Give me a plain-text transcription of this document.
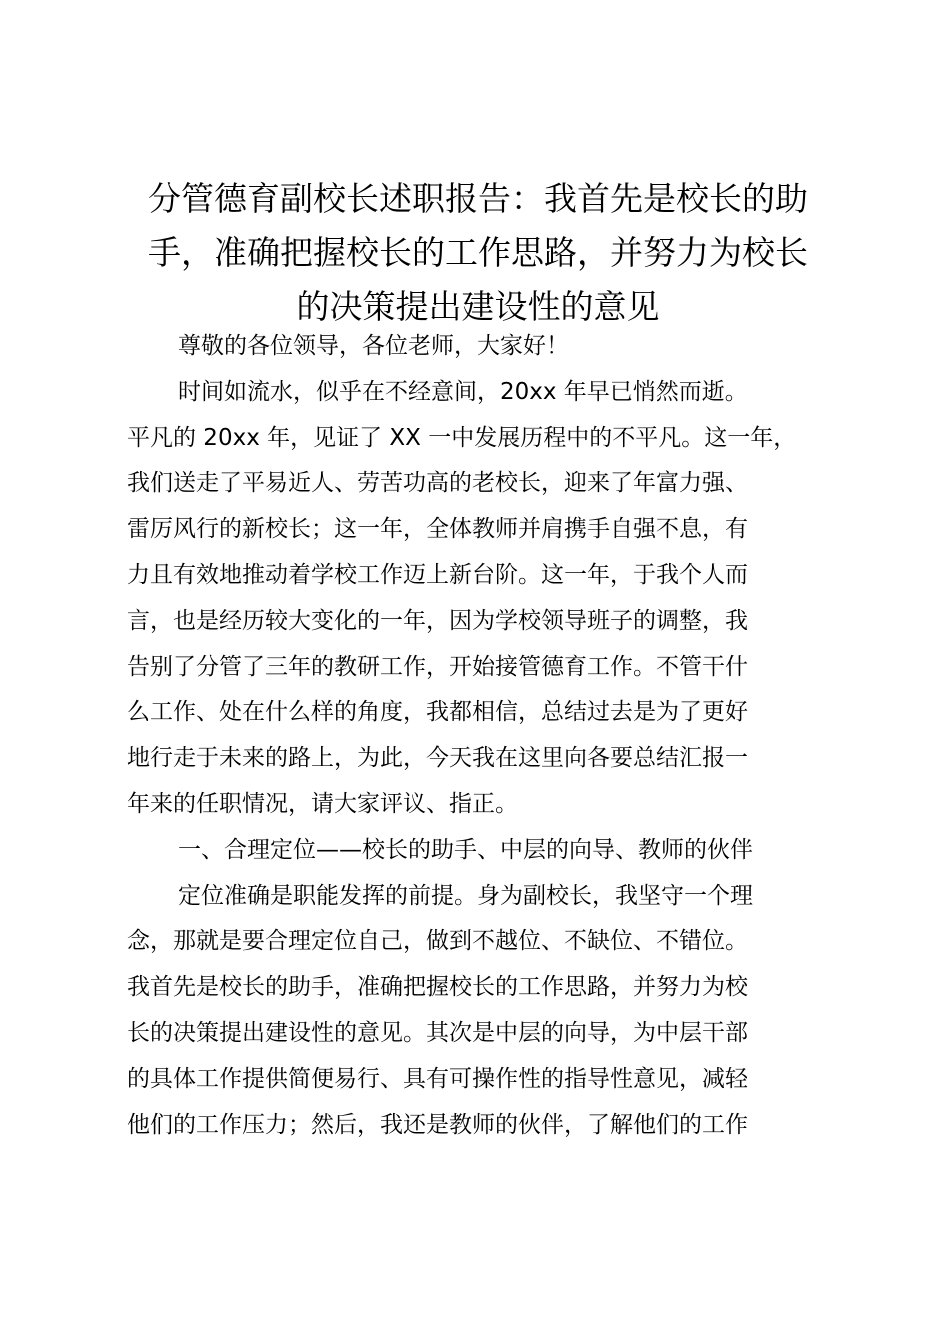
分管德育副校长述职报告：我首先是校长的助
手，准确把握校长的工作思路，并努力为校长
的决策提出建设性的意见
尊敬的各位领导，各位老师，大家好！
时间如流水，似乎在不经意间，20xx 年早已悄然而逝。
平凡的 20xx 年，见证了 XX 一中发展历程中的不平凡。这一年，
我们送走了平易近人、劳苦功高的老校长，迎来了年富力强、
雷厉风行的新校长；这一年，全体教师并肩携手自强不息，有
力且有效地推动着学校工作迈上新台阶。这一年，于我个人而
言，也是经历较大变化的一年，因为学校领导班子的调整，我
告别了分管了三年的教研工作，开始接管德育工作。不管干什
么工作、处在什么样的角度，我都相信，总结过去是为了更好
地行走于未来的路上，为此，今天我在这里向各要总结汇报一
年来的任职情况，请大家评议、指正。
一、合理定位——校长的助手、中层的向导、教师的伙伴
定位准确是职能发挥的前提。身为副校长，我坚守一个理
念，那就是要合理定位自己，做到不越位、不缺位、不错位。
我首先是校长的助手，准确把握校长的工作思路，并努力为校
长的决策提出建设性的意见。其次是中层的向导，为中层干部
的具体工作提供简便易行、具有可操作性的指导性意见，减轻
他们的工作压力；然后，我还是教师的伙伴，了解他们的工作
